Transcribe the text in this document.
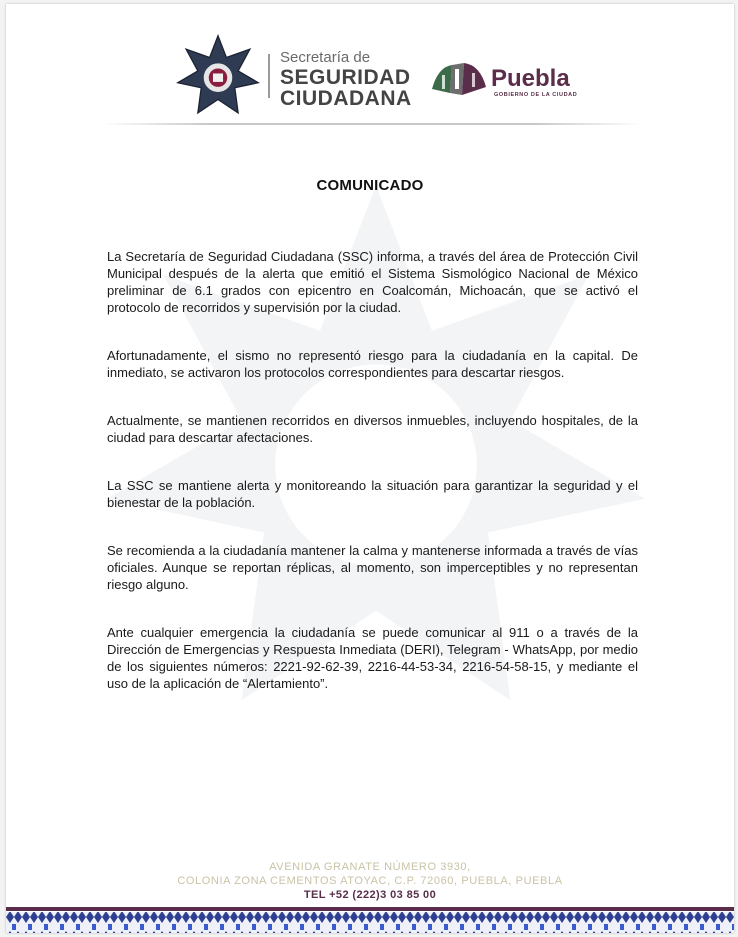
Secretaría de
SEGURIDAD
CIUDADANA
Puebla
GOBIERNO DE LA CIUDAD
COMUNICADO

La Secretaría de Seguridad Ciudadana (SSC) informa, a través del área de Protección Civil Municipal después de la alerta que emitió el Sistema Sismológico Nacional de México preliminar de 6.1 grados con epicentro en Coalcomán, Michoacán, que se activó el protocolo de recorridos y supervisión por la ciudad.

Afortunadamente, el sismo no representó riesgo para la ciudadanía en la capital. De inmediato, se activaron los protocolos correspondientes para descartar riesgos.

Actualmente, se mantienen recorridos en diversos inmuebles, incluyendo hospitales, de la ciudad para descartar afectaciones.

La SSC se mantiene alerta y monitoreando la situación para garantizar la seguridad y el bienestar de la población.

Se recomienda a la ciudadanía mantener la calma y mantenerse informada a través de vías oficiales. Aunque se reportan réplicas, al momento, son imperceptibles y no representan riesgo alguno.

Ante cualquier emergencia la ciudadanía se puede comunicar al 911 o a través de la Dirección de Emergencias y Respuesta Inmediata (DERI), Telegram - WhatsApp, por medio de los siguientes números: 2221-92-62-39, 2216-44-53-34, 2216-54-58-15, y mediante el uso de la aplicación de “Alertamiento”.

AVENIDA GRANATE NÚMERO 3930,
COLONIA ZONA CEMENTOS ATOYAC, C.P. 72060, PUEBLA, PUEBLA
TEL +52 (222)3 03 85 00
